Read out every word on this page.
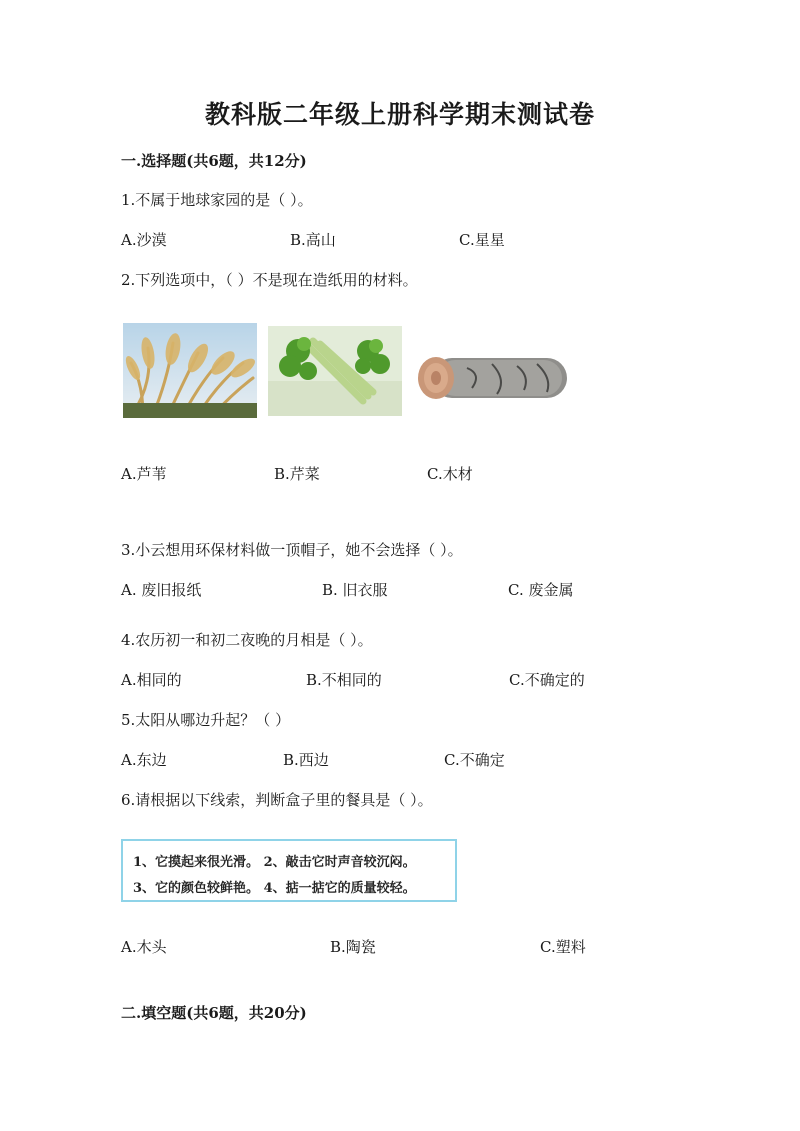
教科版二年级上册科学期末测试卷
一.选择题(共6题，共12分)
1.不属于地球家园的是（ ）。
A.沙漠	B.高山	C.星星
2.下列选项中，（ ）不是现在造纸用的材料。
A.芦苇	B.芹菜	C.木材
3.小云想用环保材料做一顶帽子，她不会选择（ ）。
A. 废旧报纸	B. 旧衣服	C. 废金属
4.农历初一和初二夜晚的月相是（ ）。
A.相同的	B.不相同的	C.不确定的
5.太阳从哪边升起？（ ）
A.东边	B.西边	C.不确定
6.请根据以下线索，判断盒子里的餐具是（ ）。
1、它摸起来很光滑。 2、敲击它时声音较沉闷。
3、它的颜色较鲜艳。 4、掂一掂它的质量较轻。
A.木头	B.陶瓷	C.塑料
二.填空题(共6题，共20分)
